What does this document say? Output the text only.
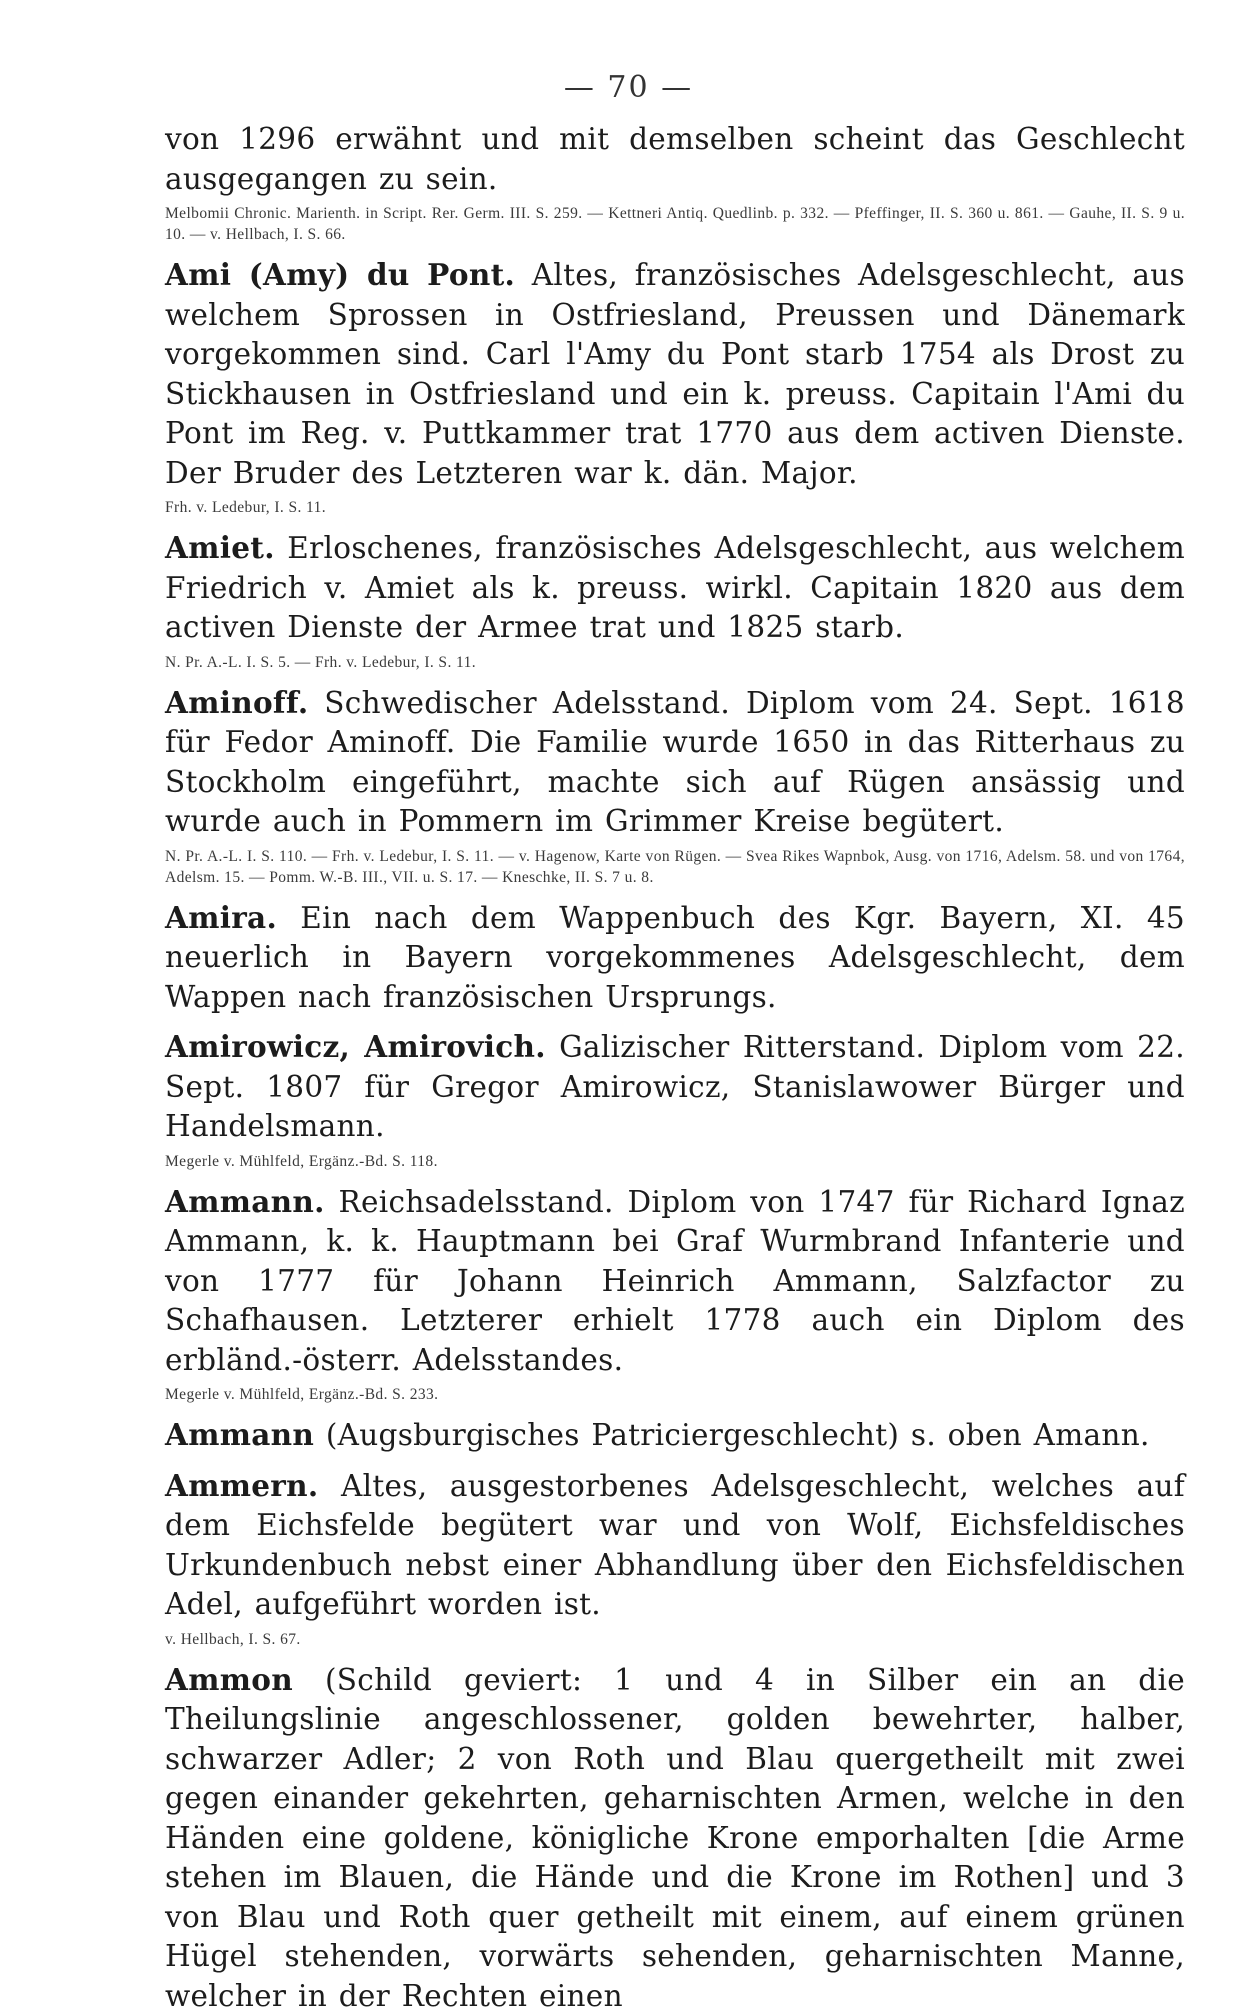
— 70 —

von 1296 erwähnt und mit demselben scheint das Geschlecht ausgegangen zu sein.

Melbomii Chronic. Marienth. in Script. Rer. Germ. III. S. 259. — Kettneri Antiq. Quedlinb. p. 332. — Pfeffinger, II. S. 360 u. 861. — Gauhe, II. S. 9 u. 10. — v. Hellbach, I. S. 66.

Ami (Amy) du Pont. Altes, französisches Adelsgeschlecht, aus welchem Sprossen in Ostfriesland, Preussen und Dänemark vorgekommen sind. Carl l'Amy du Pont starb 1754 als Drost zu Stickhausen in Ostfriesland und ein k. preuss. Capitain l'Ami du Pont im Reg. v. Puttkammer trat 1770 aus dem activen Dienste. Der Bruder des Letzteren war k. dän. Major.

Frh. v. Ledebur, I. S. 11.

Amiet. Erloschenes, französisches Adelsgeschlecht, aus welchem Friedrich v. Amiet als k. preuss. wirkl. Capitain 1820 aus dem activen Dienste der Armee trat und 1825 starb.

N. Pr. A.-L. I. S. 5. — Frh. v. Ledebur, I. S. 11.

Aminoff. Schwedischer Adelsstand. Diplom vom 24. Sept. 1618 für Fedor Aminoff. Die Familie wurde 1650 in das Ritterhaus zu Stockholm eingeführt, machte sich auf Rügen ansässig und wurde auch in Pommern im Grimmer Kreise begütert.

N. Pr. A.-L. I. S. 110. — Frh. v. Ledebur, I. S. 11. — v. Hagenow, Karte von Rügen. — Svea Rikes Wapnbok, Ausg. von 1716, Adelsm. 58. und von 1764, Adelsm. 15. — Pomm. W.-B. III., VII. u. S. 17. — Kneschke, II. S. 7 u. 8.

Amira. Ein nach dem Wappenbuch des Kgr. Bayern, XI. 45 neuerlich in Bayern vorgekommenes Adelsgeschlecht, dem Wappen nach französischen Ursprungs.

Amirowicz, Amirovich. Galizischer Ritterstand. Diplom vom 22. Sept. 1807 für Gregor Amirowicz, Stanislawower Bürger und Handelsmann.

Megerle v. Mühlfeld, Ergänz.-Bd. S. 118.

Ammann. Reichsadelsstand. Diplom von 1747 für Richard Ignaz Ammann, k. k. Hauptmann bei Graf Wurmbrand Infanterie und von 1777 für Johann Heinrich Ammann, Salzfactor zu Schafhausen. Letzterer erhielt 1778 auch ein Diplom des erbländ.-österr. Adelsstandes.

Megerle v. Mühlfeld, Ergänz.-Bd. S. 233.

Ammann (Augsburgisches Patriciergeschlecht) s. oben Amann.

Ammern. Altes, ausgestorbenes Adelsgeschlecht, welches auf dem Eichsfelde begütert war und von Wolf, Eichsfeldisches Urkundenbuch nebst einer Abhandlung über den Eichsfeldischen Adel, aufgeführt worden ist.

v. Hellbach, I. S. 67.

Ammon (Schild geviert: 1 und 4 in Silber ein an die Theilungslinie angeschlossener, golden bewehrter, halber, schwarzer Adler; 2 von Roth und Blau quergetheilt mit zwei gegen einander gekehrten, geharnischten Armen, welche in den Händen eine goldene, königliche Krone emporhalten [die Arme stehen im Blauen, die Hände und die Krone im Rothen] und 3 von Blau und Roth quer getheilt mit einem, auf einem grünen Hügel stehenden, vorwärts sehenden, geharnischten Manne, welcher in der Rechten einen
